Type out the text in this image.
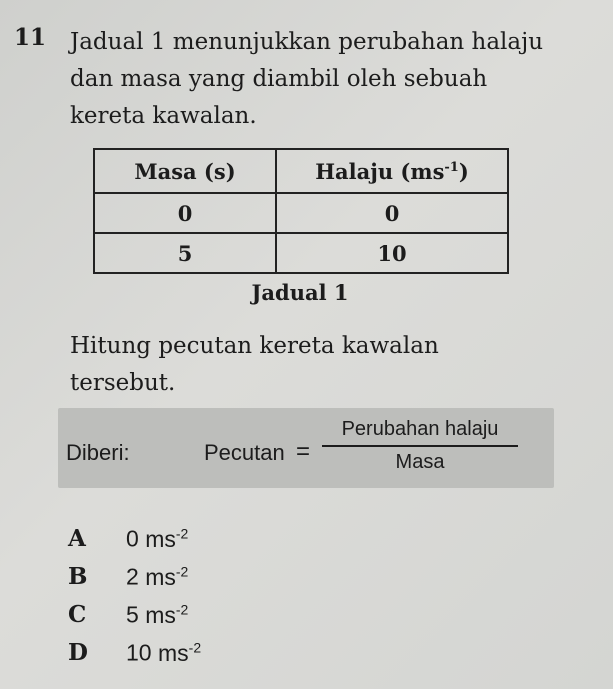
11 Jadual 1 menunjukkan perubahan halaju
dan masa yang diambil oleh sebuah
kereta kawalan.
Masa (s)	Halaju $(ms^{-1})$
0	0
5	10
Jadual 1
Hitung pecutan kereta kawalan
tersebut.
Diberi:	Pecutan =
Perubahan halaju
Masa
A	0 $ms^{-2}$
B	2 $ms^{-2}$
C	5 $ms^{-2}$
D	10 $ms^{-2}$
